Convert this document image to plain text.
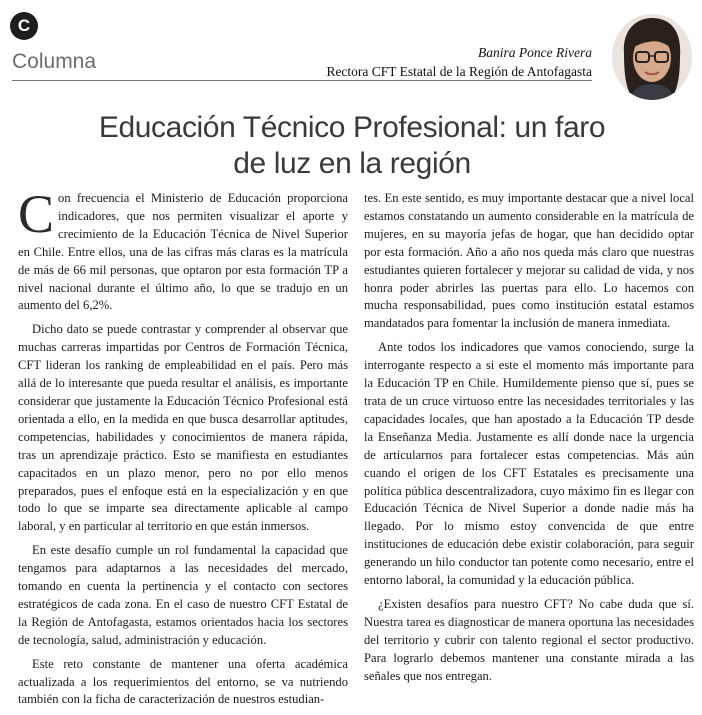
C
Columna	Banira Ponce Rivera
Rectora CFT Estatal de la Región de Antofagasta
Educación Técnico Profesional: un faro
de luz en la región

Con frecuencia el Ministerio de Educación proporciona indicadores, que nos permiten visualizar el aporte y crecimiento de la Educación Técnica de Nivel Superior en Chile. Entre ellos, una de las cifras más claras es la matrícula de más de 66 mil personas, que optaron por esta formación TP a nivel nacional durante el último año, lo que se tradujo en un aumento del 6,2%.

Dicho dato se puede contrastar y comprender al observar que muchas carreras impartidas por Centros de Formación Técnica, CFT lideran los ranking de empleabilidad en el país. Pero más allá de lo interesante que pueda resultar el análisis, es importante considerar que justamente la Educación Técnico Profesional está orientada a ello, en la medida en que busca desarrollar aptitudes, competencias, habilidades y conocimientos de manera rápida, tras un aprendizaje práctico. Esto se manifiesta en estudiantes capacitados en un plazo menor, pero no por ello menos preparados, pues el enfoque está en la especialización y en que todo lo que se imparte sea directamente aplicable al campo laboral, y en particular al territorio en que están inmersos.

En este desafío cumple un rol fundamental la capacidad que tengamos para adaptarnos a las necesidades del mercado, tomando en cuenta la pertinencia y el contacto con sectores estratégicos de cada zona. En el caso de nuestro CFT Estatal de la Región de Antofagasta, estamos orientados hacia los sectores de tecnología, salud, administración y educación.

Este reto constante de mantener una oferta académica actualizada a los requerimientos del entorno, se va nutriendo también con la ficha de caracterización de nuestros estudian-

tes. En este sentido, es muy importante destacar que a nivel local estamos constatando un aumento considerable en la matrícula de mujeres, en su mayoría jefas de hogar, que han decidido optar por esta formación. Año a año nos queda más claro que nuestras estudiantes quieren fortalecer y mejorar su calidad de vida, y nos honra poder abrirles las puertas para ello. Lo hacemos con mucha responsabilidad, pues como institución estatal estamos mandatados para fomentar la inclusión de manera inmediata.

Ante todos los indicadores que vamos conociendo, surge la interrogante respecto a si este el momento más importante para la Educación TP en Chile. Humildemente pienso que sí, pues se trata de un cruce virtuoso entre las necesidades territoriales y las capacidades locales, que han apostado a la Educación TP desde la Enseñanza Media. Justamente es allí donde nace la urgencia de articularnos para fortalecer estas competencias. Más aún cuando el origen de los CFT Estatales es precisamente una política pública descentralizadora, cuyo máximo fin es llegar con Educación Técnica de Nivel Superior a donde nadie más ha llegado. Por lo mismo estoy convencida de que entre instituciones de educación debe existir colaboración, para seguir generando un hilo conductor tan potente como necesario, entre el entorno laboral, la comunidad y la educación pública.

¿Existen desafíos para nuestro CFT? No cabe duda que sí. Nuestra tarea es diagnosticar de manera oportuna las necesidades del territorio y cubrir con talento regional el sector productivo. Para lograrlo debemos mantener una constante mirada a las señales que nos entregan.
